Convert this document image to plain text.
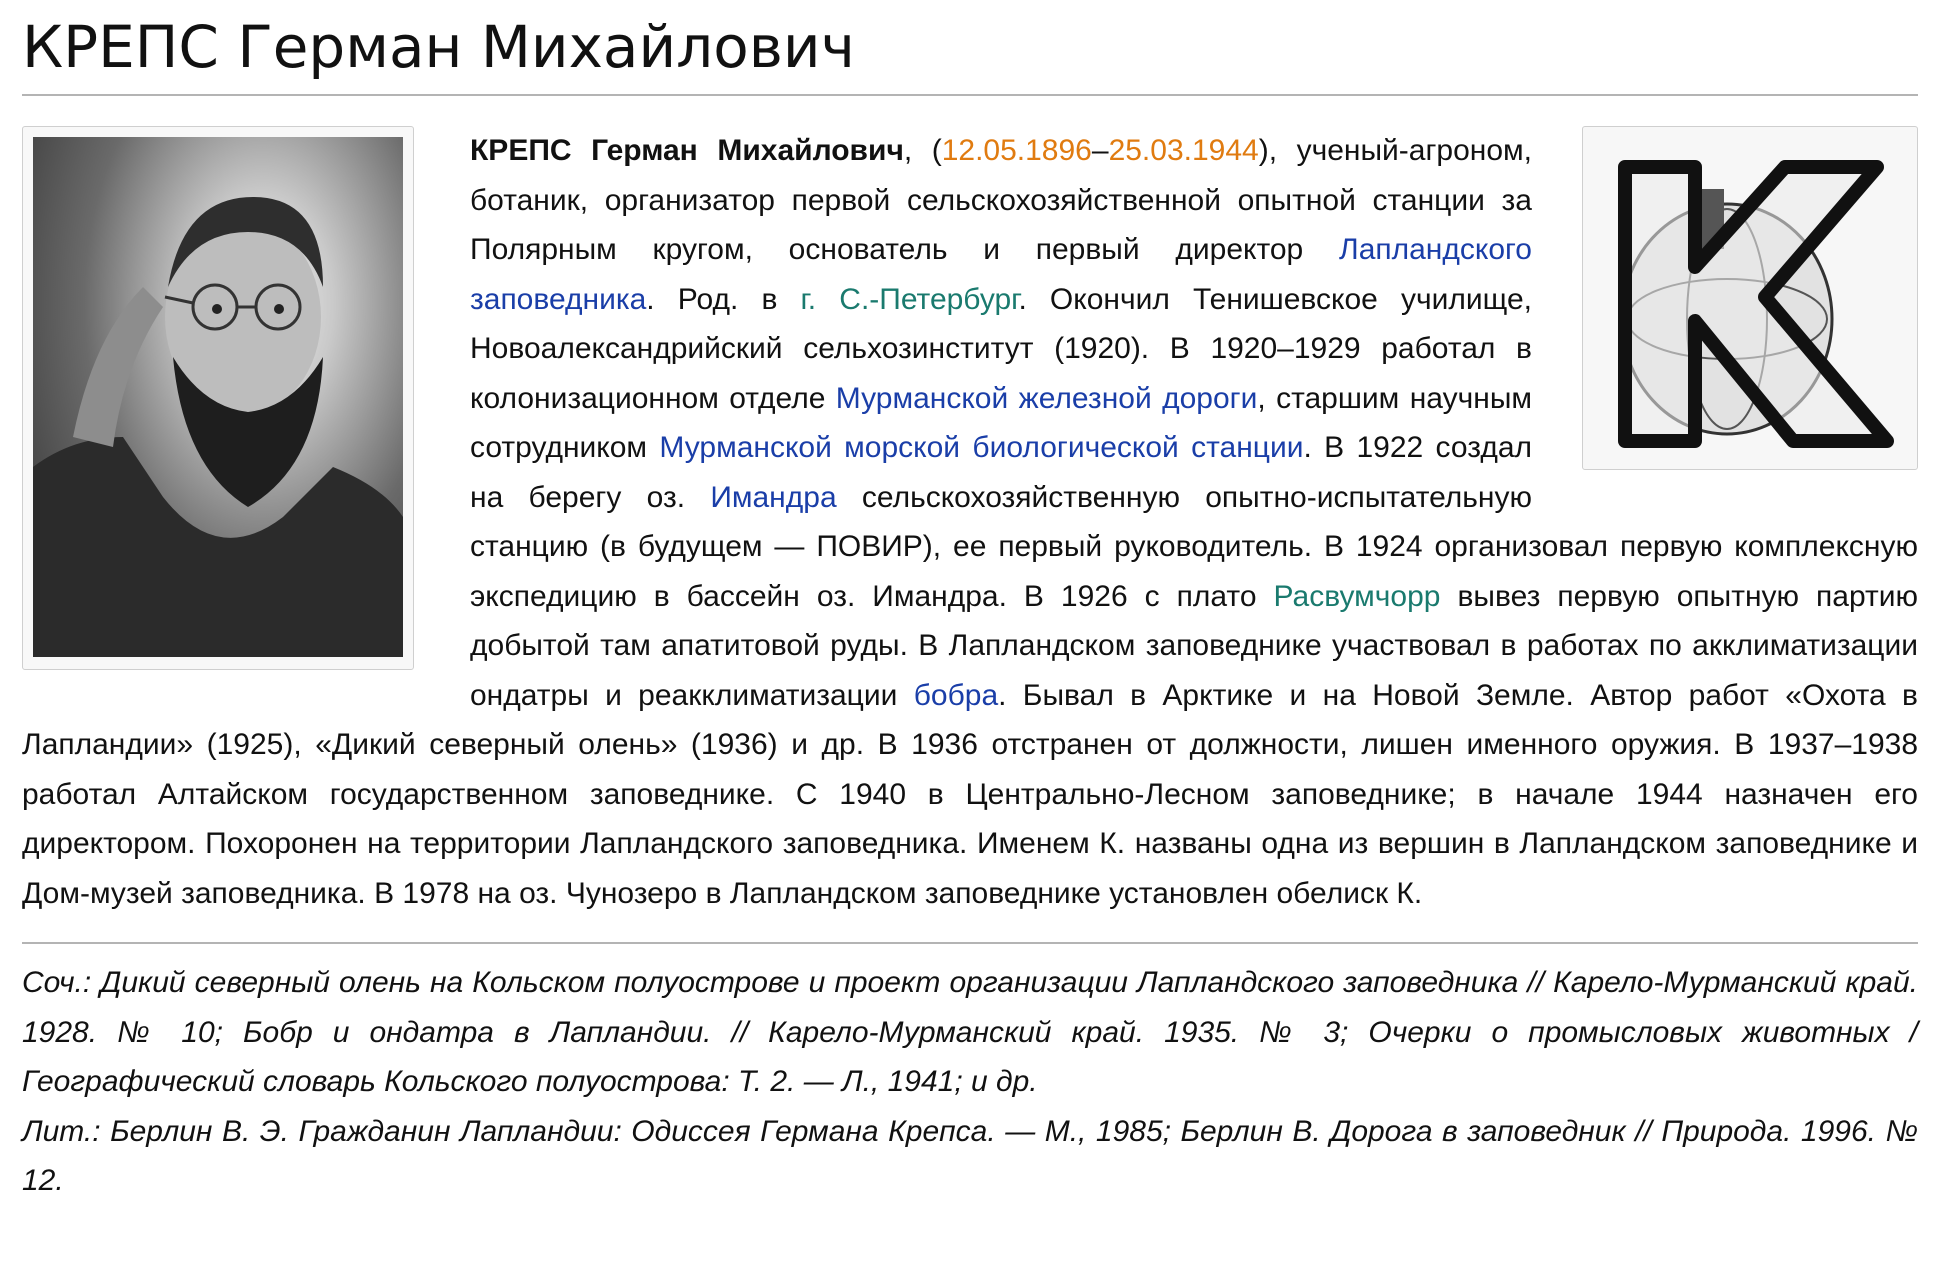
КРЕПС Герман Михайлович

КРЕПС Герман Михайлович, (12.05.1896–25.03.1944), ученый-агроном, ботаник, организатор первой сельскохозяйственной опытной станции за Полярным кругом, основатель и первый директор Лапландского заповедника. Род. в г. С.-Петербург. Окончил Тенишевское училище, Новоалександрийский сельхозинститут (1920). В 1920–1929 работал в колонизационном отделе Мурманской железной дороги, старшим научным сотрудником Мурманской морской биологической станции. В 1922 создал на берегу оз. Имандра сельскохозяйственную опытно-испытательную станцию (в будущем — ПОВИР), ее первый руководитель. В 1924 организовал первую комплексную экспедицию в бассейн оз. Имандра. В 1926 с плато Расвумчорр вывез первую опытную партию добытой там апатитовой руды. В Лапландском заповеднике участвовал в работах по акклиматизации ондатры и реакклиматизации бобра. Бывал в Арктике и на Новой Земле. Автор работ «Охота в Лапландии» (1925), «Дикий северный олень» (1936) и др. В 1936 отстранен от должности, лишен именного оружия. В 1937–1938 работал Алтайском государственном заповеднике. С 1940 в Центрально-Лесном заповеднике; в начале 1944 назначен его директором. Похоронен на территории Лапландского заповедника. Именем К. названы одна из вершин в Лапландском заповеднике и Дом-музей заповедника. В 1978 на оз. Чунозеро в Лапландском заповеднике установлен обелиск К.

Соч.: Дикий северный олень на Кольском полуострове и проект организации Лапландского заповедника // Карело-Мурманский край. 1928. № 10; Бобр и ондатра в Лапландии. // Карело-Мурманский край. 1935. № 3; Очерки о промысловых животных / Географический словарь Кольского полуострова: Т. 2. — Л., 1941; и др.

Лит.: Берлин В. Э. Гражданин Лапландии: Одиссея Германа Крепса. — М., 1985; Берлин В. Дорога в заповедник // Природа. 1996. № 12.
